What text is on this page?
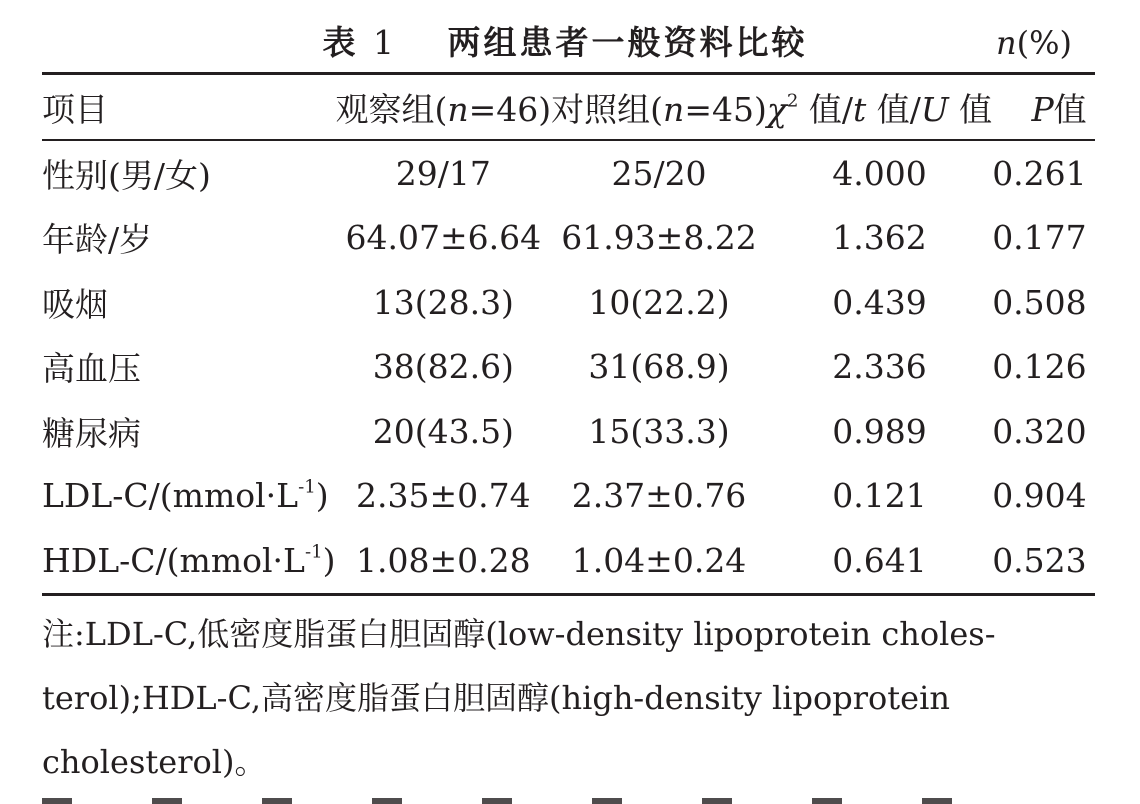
表 1 两组患者一般资料比较	n(%)
项目	观察组(n=46)	对照组(n=45)	$\chi^2$ 值/t 值/U 值	P值
性别(男/女)	29/17	25/20	4.000	0.261
年龄/岁	64.07±6.64	61.93±8.22	1.362	0.177
吸烟	13(28.3)	10(22.2)	0.439	0.508
高血压	38(82.6)	31(68.9)	2.336	0.126
糖尿病	20(43.5)	15(33.3)	0.989	0.320
LDL-$C/(mmol\cdot L^{-1})$	2.35±0.74	2.37±0.76	0.121	0.904
HDL-$C/(mmol\cdot L^{-1})$	1.08±0.28	1.04±0.24	0.641	0.523
注:LDL-C,低密度脂蛋白胆固醇(low-density lipoprotein choles-
terol);HDL-C,高密度脂蛋白胆固醇(high-density lipoprotein
cholesterol)。
